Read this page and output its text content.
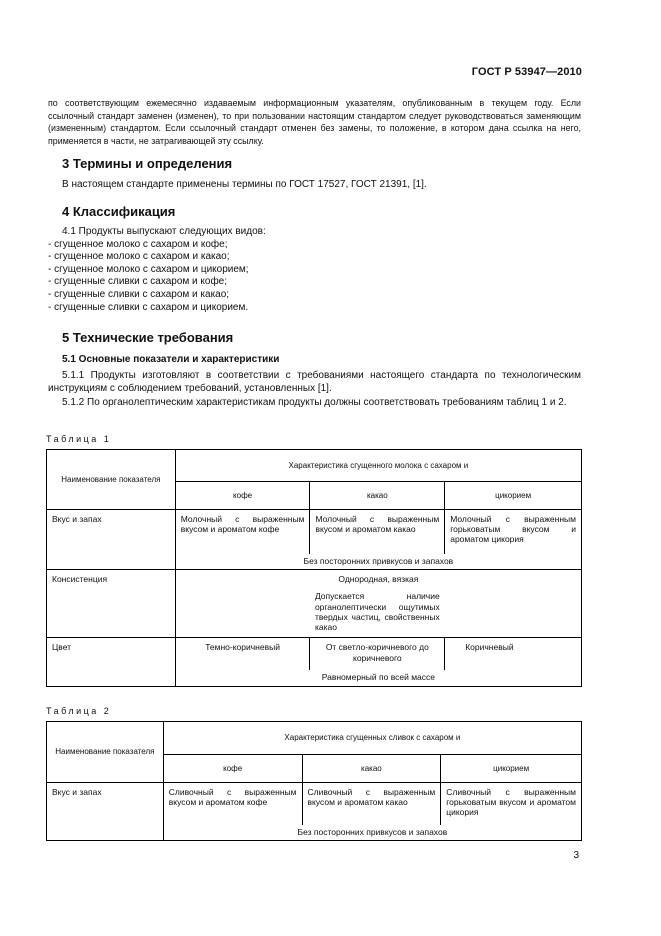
ГОСТ Р 53947—2010
по соответствующим ежемесячно издаваемым информационным указателям, опубликованным в текущем году. Если ссылочный стандарт заменен (изменен), то при пользовании настоящим стандартом следует руководствоваться заменяющим (измененным) стандартом. Если ссылочный стандарт отменен без замены, то положение, в котором дана ссылка на него, применяется в части, не затрагивающей эту ссылку.
3 Термины и определения
В настоящем стандарте применены термины по ГОСТ 17527, ГОСТ 21391, [1].
4 Классификация
4.1 Продукты выпускают следующих видов:
- сгущенное молоко с сахаром и кофе;
- сгущенное молоко с сахаром и какао;
- сгущенное молоко с сахаром и цикорием;
- сгущенные сливки с сахаром и кофе;
- сгущенные сливки с сахаром и какао;
- сгущенные сливки с сахаром и цикорием.
5 Технические требования
5.1 Основные показатели и характеристики
5.1.1 Продукты изготовляют в соответствии с требованиями настоящего стандарта по технологическим инструкциям с соблюдением требований, установленных [1].
5.1.2 По органолептическим характеристикам продукты должны соответствовать требованиям таблиц 1 и 2.
Таблица 1
Наименование показателя	Характеристика сгущенного молока с сахаром и		
	кофе	какао	цикорием
Вкус и запах	Молочный с выраженным вкусом и ароматом кофе	Молочный с выраженным вкусом и ароматом какао	Молочный с выраженным горьковатым вкусом и ароматом цикория
	Без посторонних привкусов и запахов		
Консистенция	Однородная, вязкая		
		Допускается наличие органолептически ощутимых твердых частиц, свойственных какао	
Цвет	Темно-коричневый	От светло-коричневого до коричневого	Коричневый
	Равномерный по всей массе		
Таблица 2
Наименование показателя	Характеристика сгущенных сливок с сахаром и		
	кофе	какао	цикорием
Вкус и запах	Сливочный с выраженным вкусом и ароматом кофе	Сливочный с выраженным вкусом и ароматом какао	Сливочный с выраженным горьковатым вкусом и ароматом цикория
	Без посторонних привкусов и запахов		
3
